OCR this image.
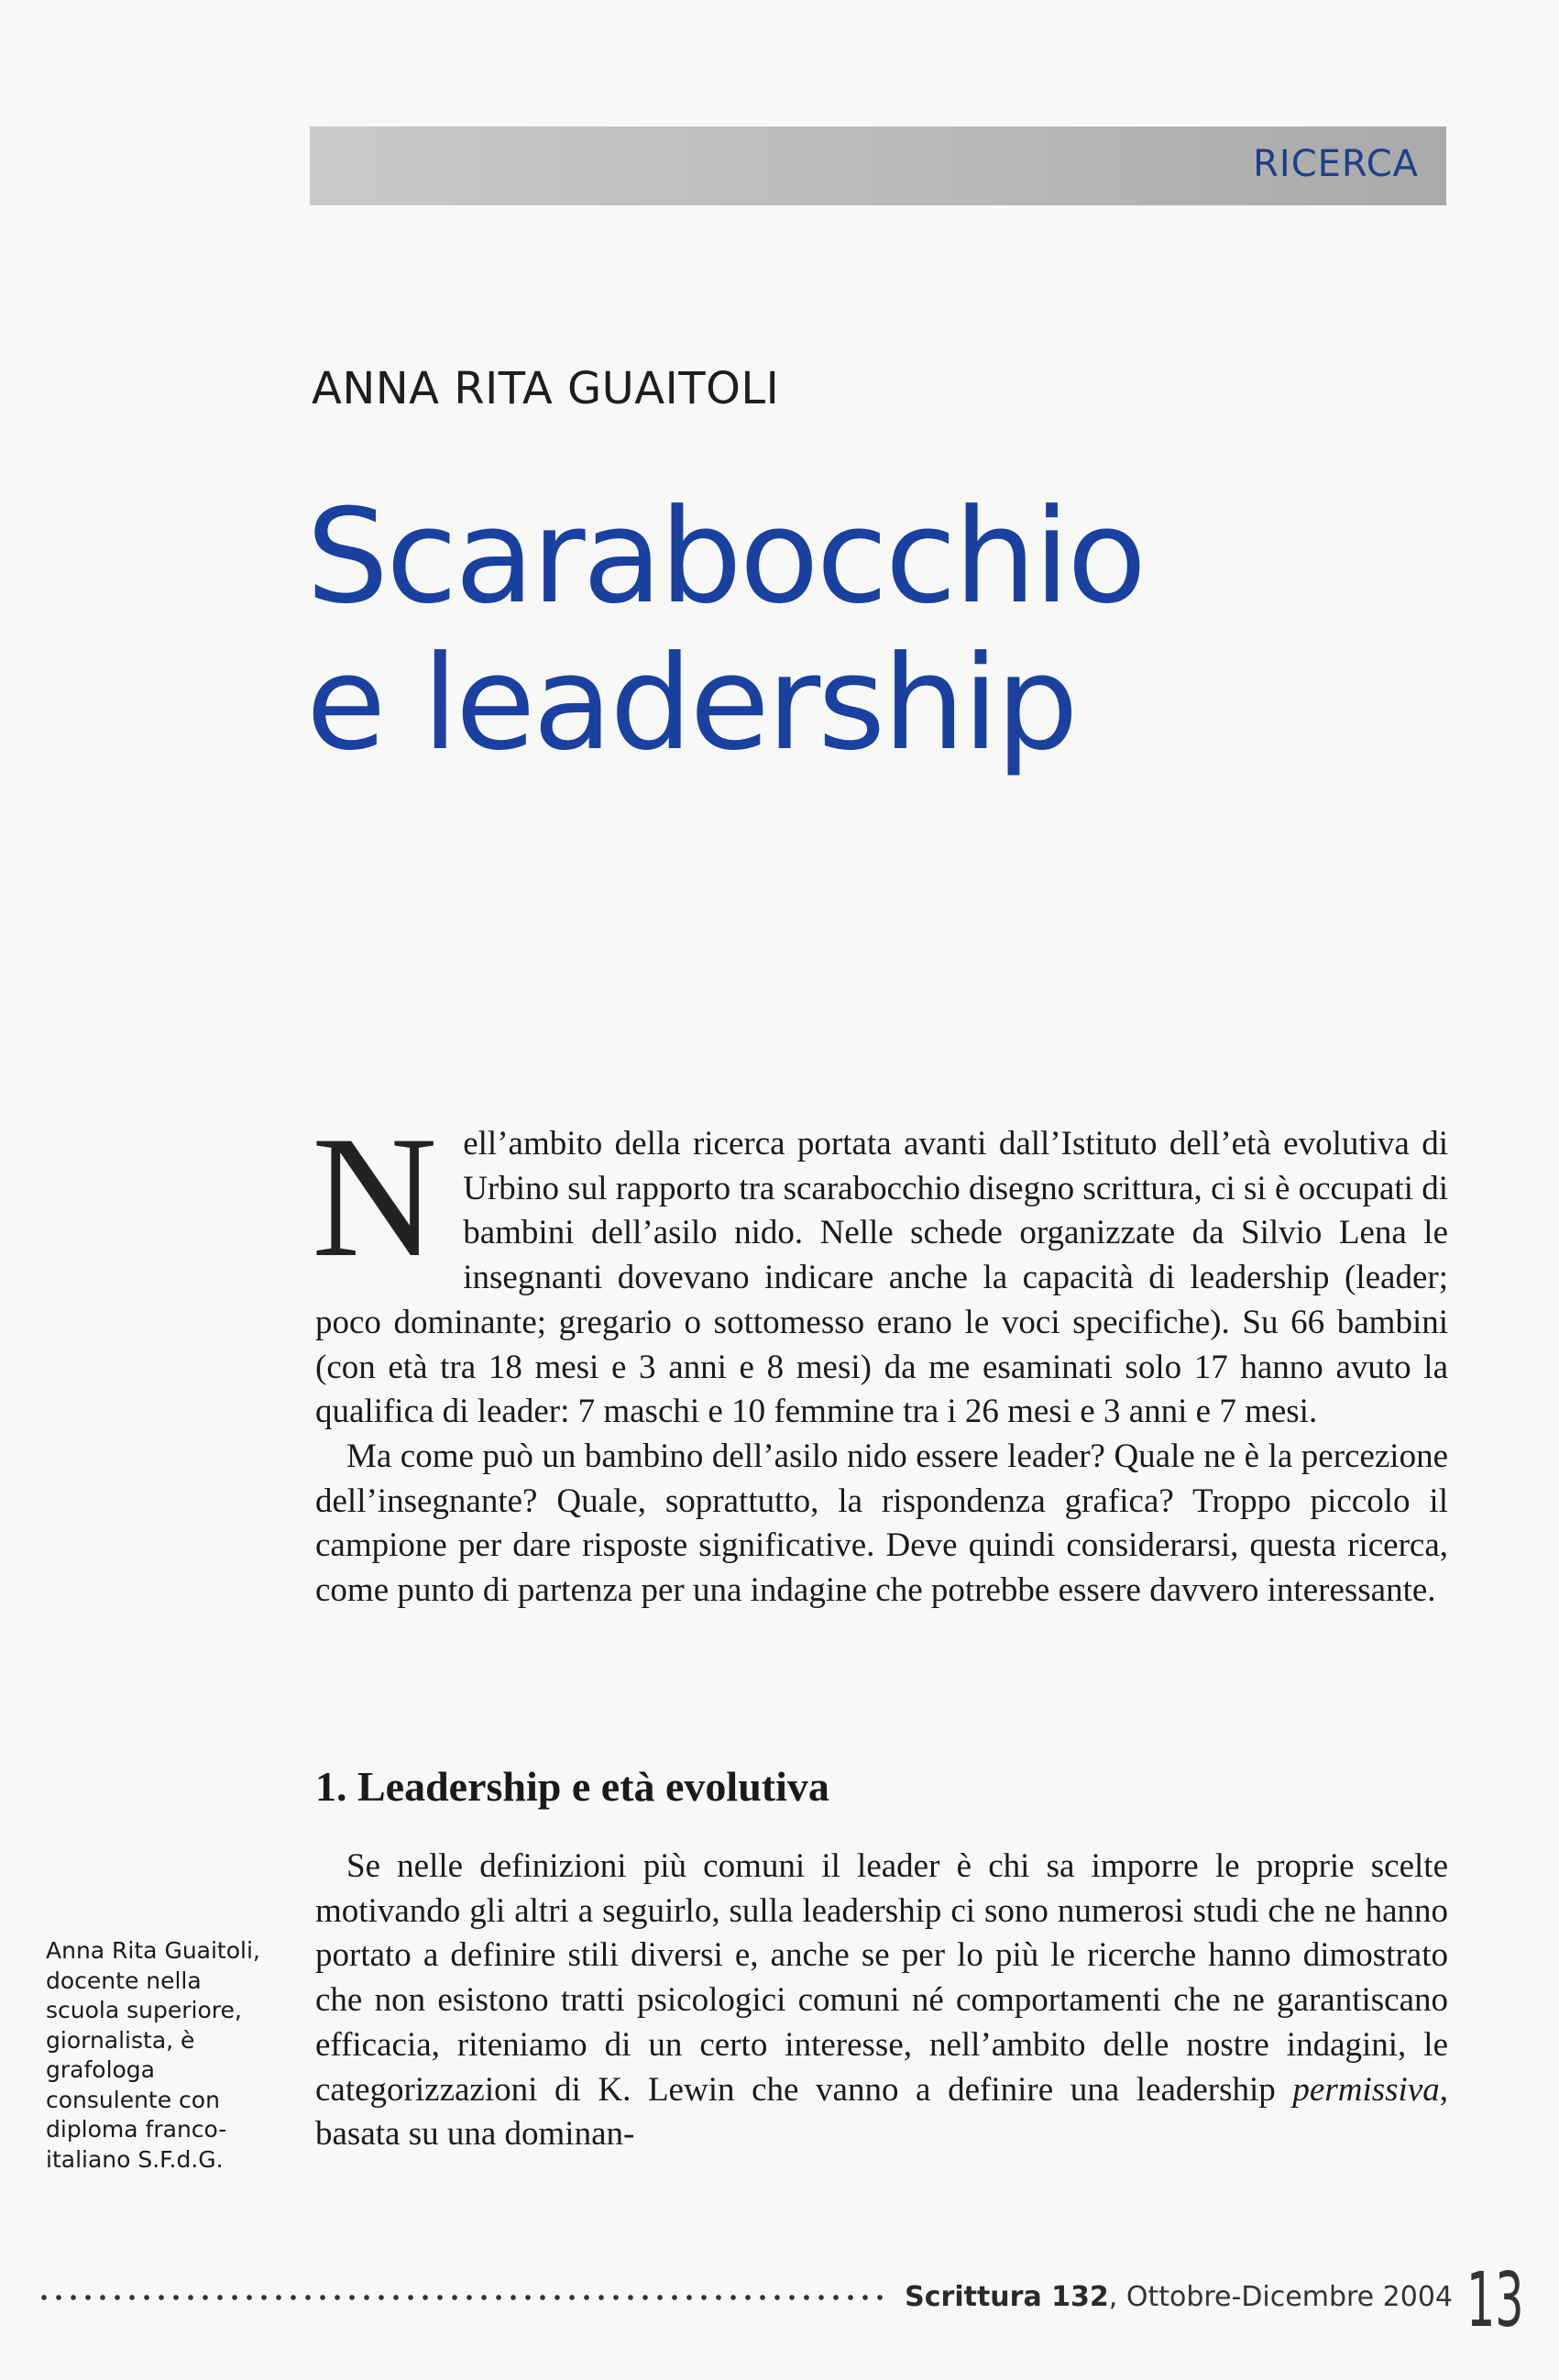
RICERCA
ANNA RITA GUAITOLI
Scarabocchio
e leadership

Nell’ambito della ricerca portata avanti dall’Istituto dell’età evolutiva di Urbino sul rapporto tra scarabocchio disegno scrittura, ci si è occupati di bambini dell’asilo nido. Nelle schede organizzate da Silvio Lena le insegnanti dovevano indicare anche la capacità di leadership (leader; poco dominante; gregario o sottomesso erano le voci specifiche). Su 66 bambini (con età tra 18 mesi e 3 anni e 8 mesi) da me esaminati solo 17 hanno avuto la qualifica di leader: 7 maschi e 10 femmine tra i 26 mesi e 3 anni e 7 mesi.

Ma come può un bambino dell’asilo nido essere leader? Quale ne è la percezione dell’insegnante? Quale, soprattutto, la rispondenza grafica? Troppo piccolo il campione per dare risposte significative. Deve quindi considerarsi, questa ricerca, come punto di partenza per una indagine che potrebbe essere davvero interessante.

1. Leadership e età evolutiva

Se nelle definizioni più comuni il leader è chi sa imporre le proprie scelte motivando gli altri a seguirlo, sulla leadership ci sono numerosi studi che ne hanno portato a definire stili diversi e, anche se per lo più le ricerche hanno dimostrato che non esistono tratti psicologici comuni né comportamenti che ne garantiscano efficacia, riteniamo di un certo interesse, nell’ambito delle nostre indagini, le categorizzazioni di K. Lewin che vanno a definire una leadership permissiva, basata su una dominan-

Anna Rita Guaitoli, docente nella scuola superiore, giornalista, è grafologa consulente con diploma franco-italiano S.F.d.G.
Scrittura 132, Ottobre-Dicembre 2004 13
